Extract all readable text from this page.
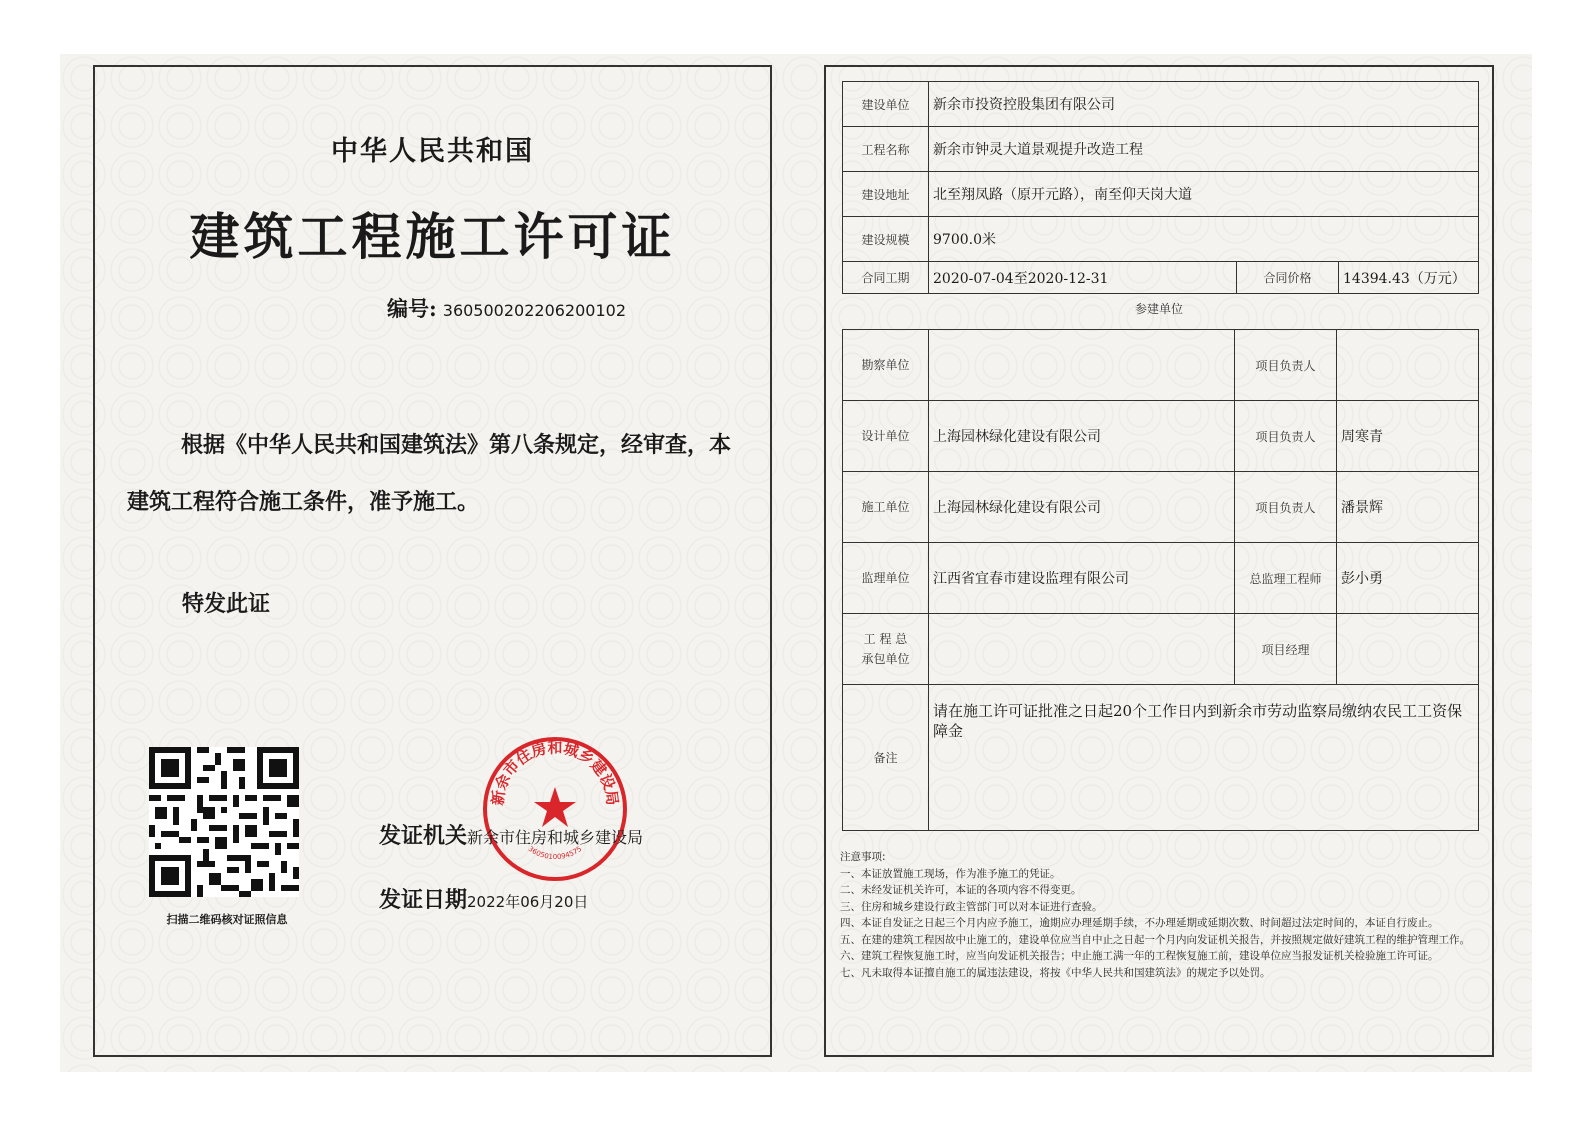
中华人民共和国
建筑工程施工许可证
编号: 360500202206200102
根据《中华人民共和国建筑法》第八条规定，经审查，本建筑工程符合施工条件，准予施工。
特发此证
扫描二维码核对证照信息
新余市住房和城乡建设局
3605010094575
发证机关新余市住房和城乡建设局
发证日期2022年06月20日
建设单位	新余市投资控股集团有限公司		
工程名称	新余市钟灵大道景观提升改造工程		
建设地址	北至翔凤路（原开元路），南至仰天岗大道		
建设规模	9700.0米		
合同工期	2020-07-04至2020-12-31	合同价格	14394.43（万元）
参建单位
勘察单位		项目负责人	
设计单位	上海园林绿化建设有限公司	项目负责人	周寒青
施工单位	上海园林绿化建设有限公司	项目负责人	潘景辉
监理单位	江西省宜春市建设监理有限公司	总监理工程师	彭小勇

工 程 总
承包单位		项目经理	
备注	请在施工许可证批准之日起20个工作日内到新余市劳动监察局缴纳农民工工资保障金		
注意事项:
一、本证放置施工现场，作为准予施工的凭证。
二、未经发证机关许可，本证的各项内容不得变更。
三、住房和城乡建设行政主管部门可以对本证进行查验。
四、本证自发证之日起三个月内应予施工，逾期应办理延期手续，不办理延期或延期次数、时间超过法定时间的，本证自行废止。
五、在建的建筑工程因故中止施工的，建设单位应当自中止之日起一个月内向发证机关报告，并按照规定做好建筑工程的维护管理工作。
六、建筑工程恢复施工时，应当向发证机关报告；中止施工满一年的工程恢复施工前，建设单位应当报发证机关检验施工许可证。
七、凡未取得本证擅自施工的属违法建设，将按《中华人民共和国建筑法》的规定予以处罚。
